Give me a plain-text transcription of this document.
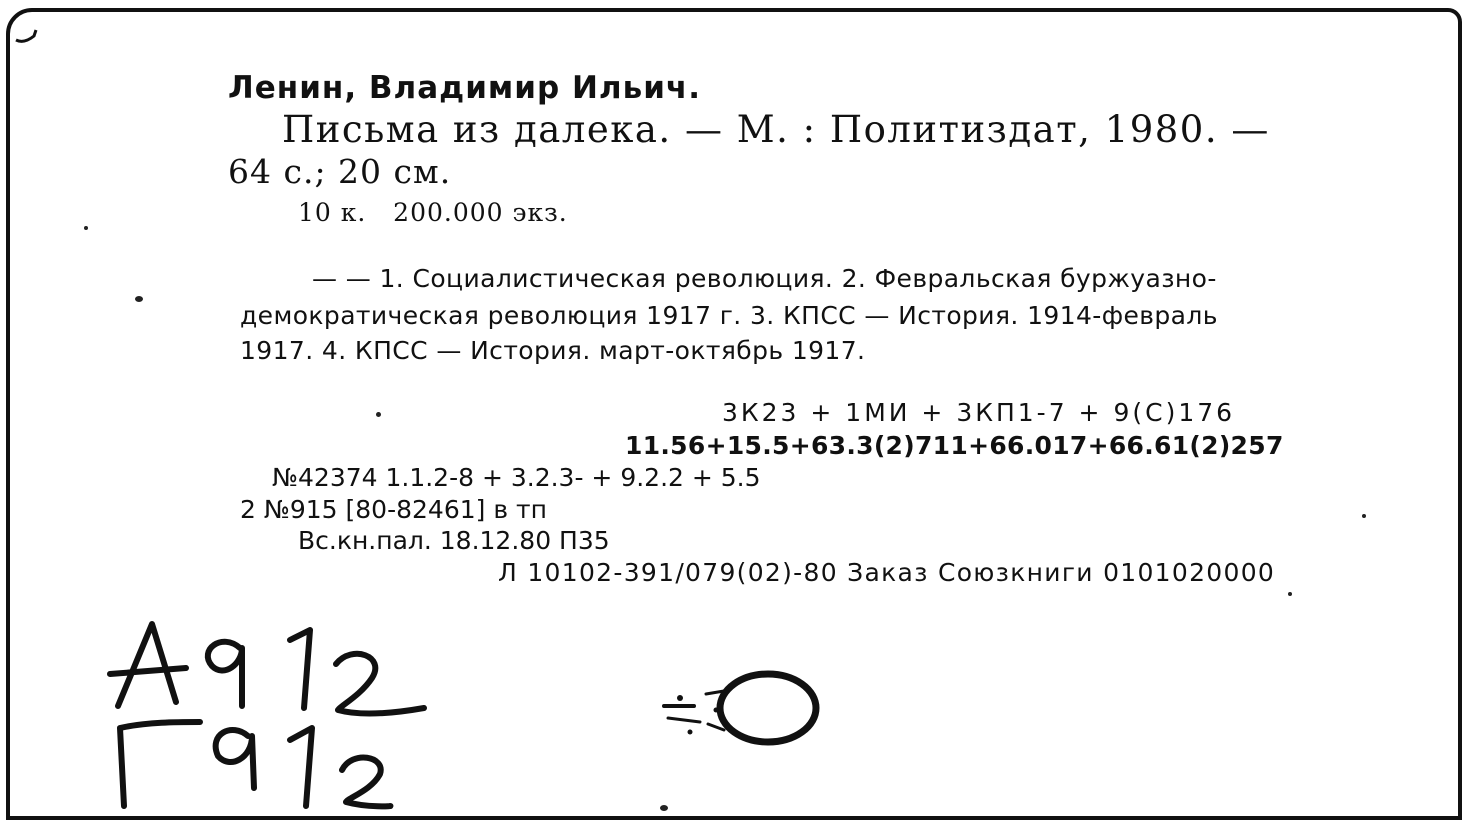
Ленин, Владимир Ильич.
Письма из далека. — М. : Политиздат, 1980. —
64 с.; 20 см.
10 к.   200.000 экз.
— — 1. Социалистическая революция. 2. Февральская буржуазно-
демократическая революция 1917 г. 3. КПСС — История. 1914-февраль
1917. 4. КПСС — История. март-октябрь 1917.
3К23 + 1МИ + 3КП1-7 + 9(С)176
11.56+15.5+63.3(2)711+66.017+66.61(2)257
№42374 1.1.2-8 + 3.2.3- + 9.2.2 + 5.5
2 №915 [80-82461] в тп
Вс.кн.пал. 18.12.80 П35
Л 10102-391/079(02)-80 Заказ Союзкниги 0101020000
